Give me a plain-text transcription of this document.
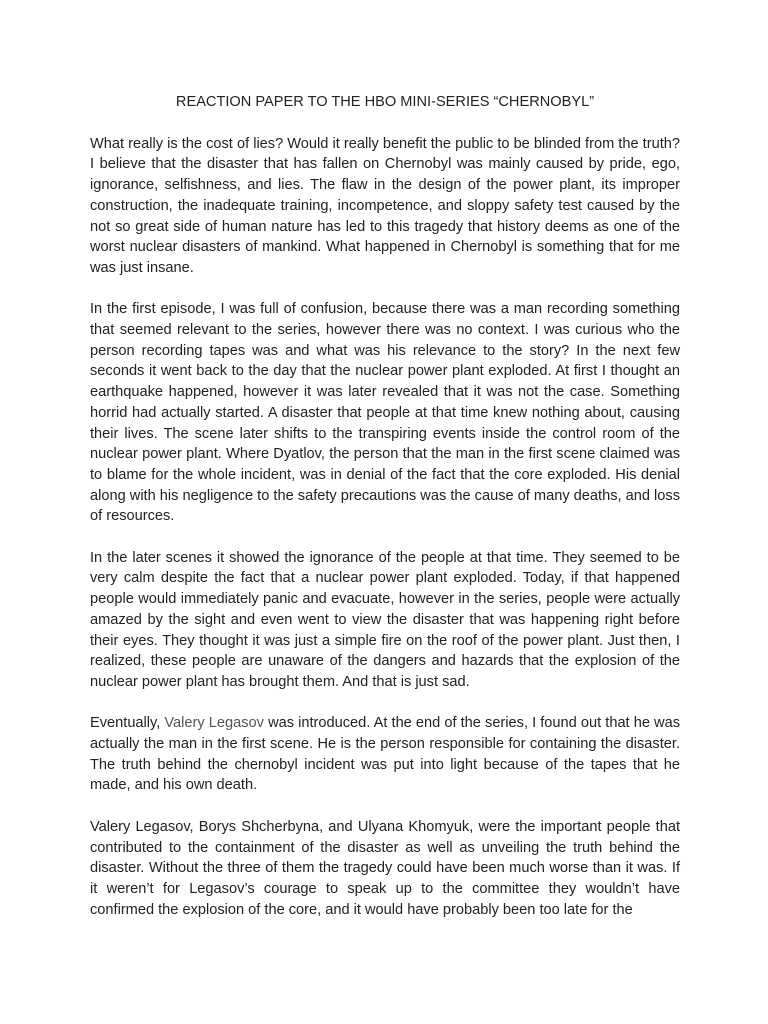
REACTION PAPER TO THE HBO MINI-SERIES “CHERNOBYL”

What really is the cost of lies? Would it really benefit the public to be blinded from the truth? I believe that the disaster that has fallen on Chernobyl was mainly caused by pride, ego, ignorance, selfishness, and lies. The flaw in the design of the power plant, its improper construction, the inadequate training, incompetence, and sloppy safety test caused by the not so great side of human nature has led to this tragedy that history deems as one of the worst nuclear disasters of mankind. What happened in Chernobyl is something that for me was just insane.

In the first episode, I was full of confusion, because there was a man recording something that seemed relevant to the series, however there was no context. I was curious who the person recording tapes was and what was his relevance to the story? In the next few seconds it went back to the day that the nuclear power plant exploded. At first I thought an earthquake happened, however it was later revealed that it was not the case. Something horrid had actually started. A disaster that people at that time knew nothing about, causing their lives. The scene later shifts to the transpiring events inside the control room of the nuclear power plant. Where Dyatlov, the person that the man in the first scene claimed was to blame for the whole incident, was in denial of the fact that the core exploded. His denial along with his negligence to the safety precautions was the cause of many deaths, and loss of resources.

In the later scenes it showed the ignorance of the people at that time. They seemed to be very calm despite the fact that a nuclear power plant exploded. Today, if that happened people would immediately panic and evacuate, however in the series, people were actually amazed by the sight and even went to view the disaster that was happening right before their eyes. They thought it was just a simple fire on the roof of the power plant. Just then, I realized, these people are unaware of the dangers and hazards that the explosion of the nuclear power plant has brought them. And that is just sad.

Eventually, Valery Legasov was introduced. At the end of the series, I found out that he was actually the man in the first scene. He is the person responsible for containing the disaster. The truth behind the chernobyl incident was put into light because of the tapes that he made, and his own death.

Valery Legasov, Borys Shcherbyna, and Ulyana Khomyuk, were the important people that contributed to the containment of the disaster as well as unveiling the truth behind the disaster. Without the three of them the tragedy could have been much worse than it was. If it weren’t for Legasov’s courage to speak up to the committee they wouldn’t have confirmed the explosion of the core, and it would have probably been too late for the
